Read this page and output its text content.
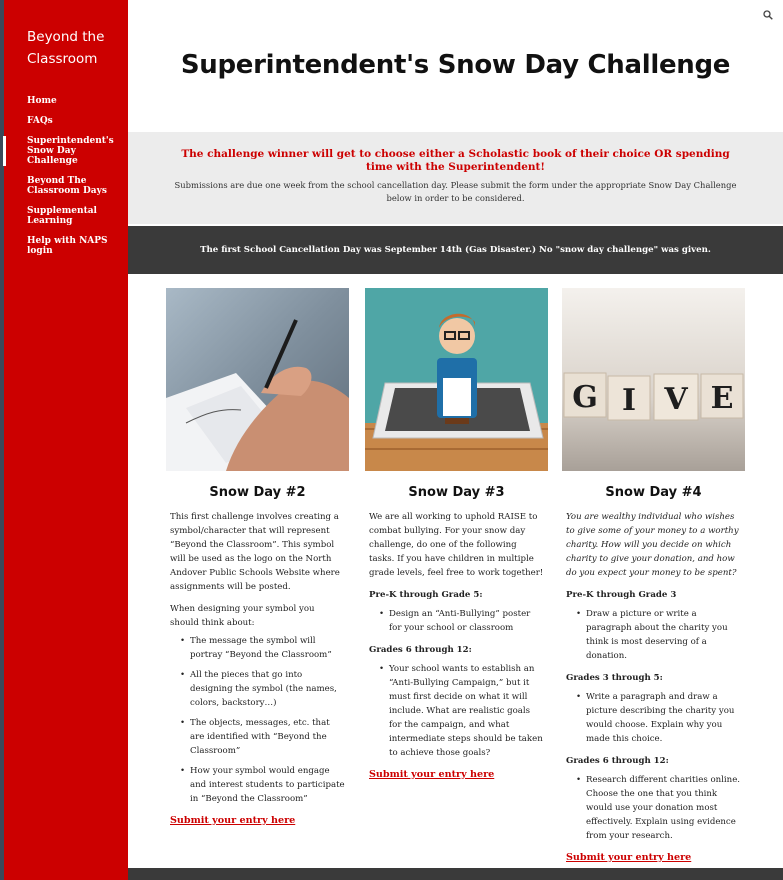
Beyond the Classroom
Home
FAQs
Superintendent's Snow Day Challenge
Beyond The Classroom Days
Supplemental Learning
Help with NAPS login
Superintendent's Snow Day Challenge
The challenge winner will get to choose either a Scholastic book of their choice OR spending time with the Superintendent!
Submissions are due one week from the school cancellation day. Please submit the form under the appropriate Snow Day Challenge below in order to be considered.
The first School Cancellation Day was September 14th (Gas Disaster.) No "snow day challenge" was given.
Snow Day #2

This first challenge involves creating a symbol/character that will represent “Beyond the Classroom”. This symbol will be used as the logo on the North Andover Public Schools Website where assignments will be posted.

When designing your symbol you should think about:

• The message the symbol will portray “Beyond the Classroom”
• All the pieces that go into designing the symbol (the names, colors, backstory…)
• The objects, messages, etc. that are identified with “Beyond the Classroom”
• How your symbol would engage and interest students to participate in “Beyond the Classroom”
Submit your entry here
Snow Day #3

We are all working to uphold RAISE to combat bullying. For your snow day challenge, do one of the following tasks. If you have children in multiple grade levels, feel free to work together!

Pre-K through Grade 5:
• Design an “Anti-Bullying” poster for your school or classroom
Grades 6 through 12:
• Your school wants to establish an “Anti-Bullying Campaign,” but it must first decide on what it will include. What are realistic goals for the campaign, and what intermediate steps should be taken to achieve those goals?
Submit your entry here
G I V E
Snow Day #4

You are wealthy individual who wishes to give some of your money to a worthy charity. How will you decide on which charity to give your donation, and how do you expect your money to be spent?

Pre-K through Grade 3
• Draw a picture or write a paragraph about the charity you think is most deserving of a donation.
Grades 3 through 5:
• Write a paragraph and draw a picture describing the charity you would choose. Explain why you made this choice.
Grades 6 through 12:
• Research different charities online. Choose the one that you think would use your donation most effectively. Explain using evidence from your research.
Submit your entry here
